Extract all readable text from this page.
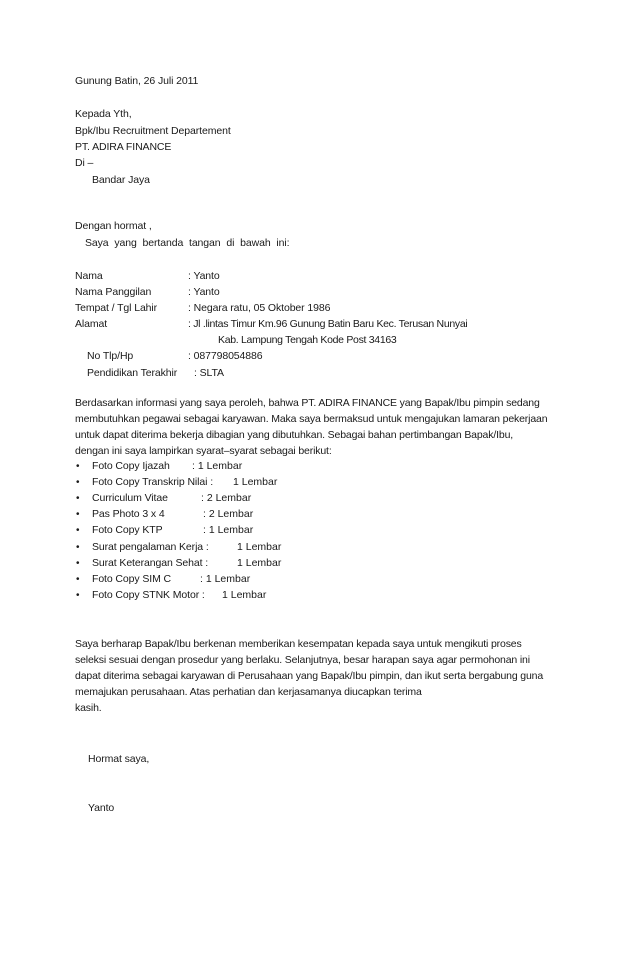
Gunung Batin, 26 Juli 2011
Kepada Yth,
Bpk/Ibu Recruitment Departement
PT. ADIRA FINANCE
Di –
Bandar Jaya
Dengan hormat ,
Saya yang bertanda tangan di bawah ini:
Nama	: Yanto
Nama Panggilan	: Yanto
Tempat / Tgl Lahir	: Negara ratu, 05 Oktober 1986
Alamat	: Jl .lintas Timur Km.96 Gunung Batin Baru Kec. Terusan Nunyai
Kab. Lampung Tengah Kode Post 34163
No Tlp/Hp	: 087798054886
Pendidikan Terakhir : SLTA
Berdasarkan informasi yang saya peroleh, bahwa PT. ADIRA FINANCE yang Bapak/Ibu pimpin sedang
membutuhkan pegawai sebagai karyawan. Maka saya bermaksud untuk mengajukan lamaran pekerjaan
untuk dapat diterima bekerja dibagian yang dibutuhkan. Sebagai bahan pertimbangan Bapak/Ibu,
dengan ini saya lampirkan syarat–syarat sebagai berikut:
• Foto Copy Ijazah : 1 Lembar
• Foto Copy Transkrip Nilai : 1 Lembar
• Curriculum Vitae	: 2 Lembar
• Pas Photo 3 x 4	: 2 Lembar
• Foto Copy KTP	: 1 Lembar
• Surat pengalaman Kerja :	1 Lembar
• Surat Keterangan Sehat :	1 Lembar
• Foto Copy SIM C	: 1 Lembar
• Foto Copy STNK Motor : 1 Lembar
Saya berharap Bapak/Ibu berkenan memberikan kesempatan kepada saya untuk mengikuti proses
seleksi sesuai dengan prosedur yang berlaku. Selanjutnya, besar harapan saya agar permohonan ini
dapat diterima sebagai karyawan di Perusahaan yang Bapak/Ibu pimpin, dan ikut serta bergabung guna
memajukan perusahaan. Atas perhatian dan kerjasamanya diucapkan terima
kasih.
Hormat saya,
Yanto
